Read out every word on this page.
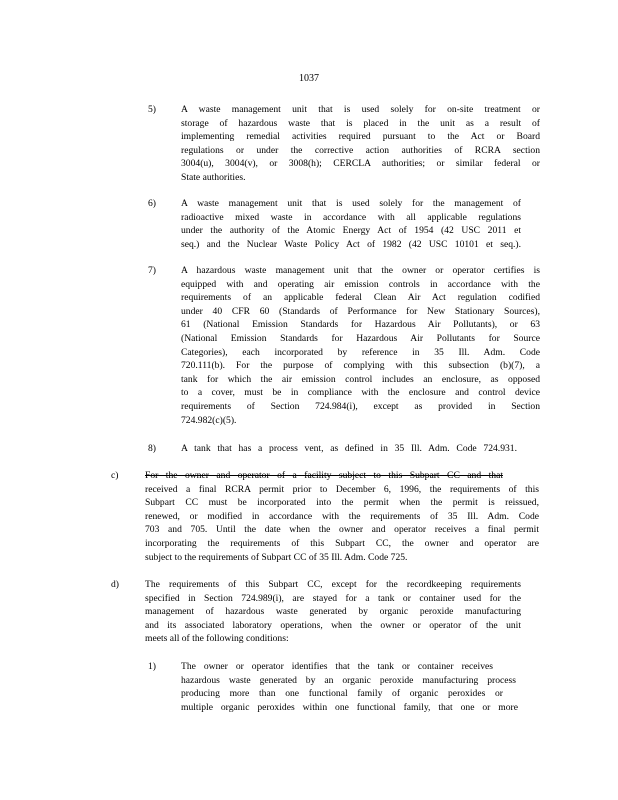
1037
5)	A waste management unit that is used solely for on-site treatment or
storage of hazardous waste that is placed in the unit as a result of
implementing remedial activities required pursuant to the Act or Board
regulations or under the corrective action authorities of RCRA section
3004(u), 3004(v), or 3008(h); CERCLA authorities; or similar federal or
State authorities.
6)	A waste management unit that is used solely for the management of
radioactive mixed waste in accordance with all applicable regulations
under the authority of the Atomic Energy Act of 1954 (42 USC 2011 et
seq.) and the Nuclear Waste Policy Act of 1982 (42 USC 10101 et seq.).
7)	A hazardous waste management unit that the owner or operator certifies is
equipped with and operating air emission controls in accordance with the
requirements of an applicable federal Clean Air Act regulation codified
under 40 CFR 60 (Standards of Performance for New Stationary Sources),
61 (National Emission Standards for Hazardous Air Pollutants), or 63
(National Emission Standards for Hazardous Air Pollutants for Source
Categories), each incorporated by reference in 35 Ill. Adm. Code
720.111(b). For the purpose of complying with this subsection (b)(7), a
tank for which the air emission control includes an enclosure, as opposed
to a cover, must be in compliance with the enclosure and control device
requirements of Section 724.984(i), except as provided in Section
724.982(c)(5).
8)	A tank that has a process vent, as defined in 35 Ill. Adm. Code 724.931.
c)	For the owner and operator of a facility subject to this Subpart CC and that
received a final RCRA permit prior to December 6, 1996, the requirements of this
Subpart CC must be incorporated into the permit when the permit is reissued,
renewed, or modified in accordance with the requirements of 35 Ill. Adm. Code
703 and 705. Until the date when the owner and operator receives a final permit
incorporating the requirements of this Subpart CC, the owner and operator are
subject to the requirements of Subpart CC of 35 Ill. Adm. Code 725.
d)	The requirements of this Subpart CC, except for the recordkeeping requirements
specified in Section 724.989(i), are stayed for a tank or container used for the
management of hazardous waste generated by organic peroxide manufacturing
and its associated laboratory operations, when the owner or operator of the unit
meets all of the following conditions:
1)	The owner or operator identifies that the tank or container receives
hazardous waste generated by an organic peroxide manufacturing process
producing more than one functional family of organic peroxides or
multiple organic peroxides within one functional family, that one or more
